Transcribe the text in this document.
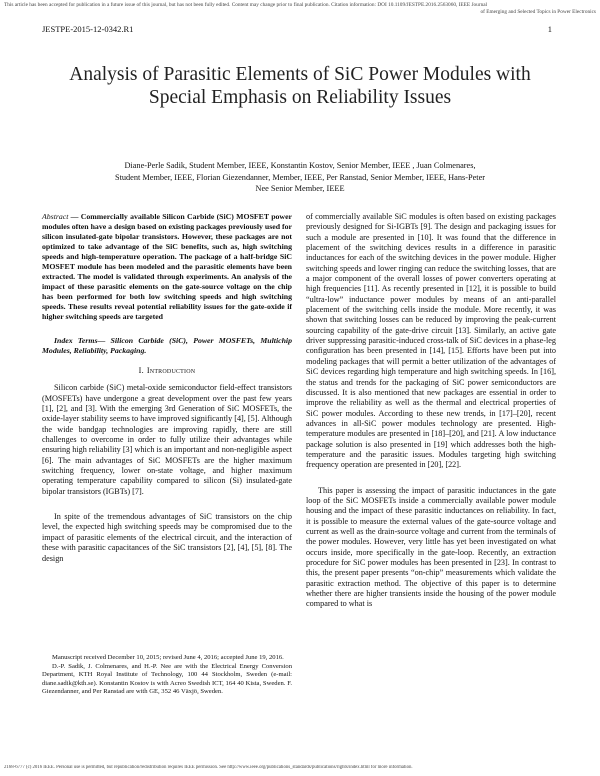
This article has been accepted for publication in a future issue of this journal, but has not been fully edited. Content may change prior to final publication. Citation information: DOI 10.1109/JESTPE.2016.2563060, IEEE Journal
of Emerging and Selected Topics in Power Electronics
JESTPE-2015-12-0342.R1	1
Analysis of Parasitic Elements of SiC Power Modules with Special Emphasis on Reliability Issues
Diane-Perle Sadik, Student Member, IEEE, Konstantin Kostov, Senior Member, IEEE , Juan Colmenares,
Student Member, IEEE, Florian Giezendanner, Member, IEEE, Per Ranstad, Senior Member, IEEE, Hans-Peter
Nee Senior Member, IEEE

Abstract — Commercially available Silicon Carbide (SiC) MOSFET power modules often have a design based on existing packages previously used for silicon insulated-gate bipolar transistors. However, these packages are not optimized to take advantage of the SiC benefits, such as, high switching speeds and high-temperature operation. The package of a half-bridge SiC MOSFET module has been modeled and the parasitic elements have been extracted. The model is validated through experiments. An analysis of the impact of these parasitic elements on the gate-source voltage on the chip has been performed for both low switching speeds and high switching speeds. These results reveal potential reliability issues for the gate-oxide if higher switching speeds are targeted

Index Terms— Silicon Carbide (SiC), Power MOSFETs, Multichip Modules, Reliability, Packaging.

I. Introduction

Silicon carbide (SiC) metal-oxide semiconductor field-effect transistors (MOSFETs) have undergone a great development over the past few years [1], [2], and [3]. With the emerging 3rd Generation of SiC MOSFETs, the oxide-layer stability seems to have improved significantly [4], [5]. Although the wide bandgap technologies are improving rapidly, there are still challenges to overcome in order to fully utilize their advantages while ensuring high reliability [3] which is an important and non-negligible aspect [6]. The main advantages of SiC MOSFETs are the higher maximum switching frequency, lower on-state voltage, and higher maximum operating temperature capability compared to silicon (Si) insulated-gate bipolar transistors (IGBTs) [7].

In spite of the tremendous advantages of SiC transistors on the chip level, the expected high switching speeds may be compromised due to the impact of parasitic elements of the electrical circuit, and the interaction of these with parasitic capacitances of the SiC transistors [2], [4], [5], [8]. The design

Manuscript received December 10, 2015; revised June 4, 2016; accepted June 19, 2016.

D.-P. Sadik, J. Colmenares, and H.-P. Nee are with the Electrical Energy Conversion Department, KTH Royal Institute of Technology, 100 44 Stockholm, Sweden (e-mail: diane.sadik@kth.se). Konstantin Kostov is with Acreo Swedish ICT, 164 40 Kista, Sweden. F. Giezendanner, and Per Ranstad are with GE, 352 46 Växjö, Sweden.

of commercially available SiC modules is often based on existing packages previously designed for Si-IGBTs [9]. The design and packaging issues for such a module are presented in [10]. It was found that the difference in placement of the switching devices results in a difference in parasitic inductances for each of the switching devices in the power module. Higher switching speeds and lower ringing can reduce the switching losses, that are a major component of the overall losses of power converters operating at high frequencies [11]. As recently presented in [12], it is possible to build “ultra-low” inductance power modules by means of an anti-parallel placement of the switching cells inside the module. More recently, it was shown that switching losses can be reduced by improving the peak-current sourcing capability of the gate-drive circuit [13]. Similarly, an active gate driver suppressing parasitic-induced cross-talk of SiC devices in a phase-leg configuration has been presented in [14], [15]. Efforts have been put into modeling packages that will permit a better utilization of the advantages of SiC devices regarding high temperature and high switching speeds. In [16], the status and trends for the packaging of SiC power semiconductors are discussed. It is also mentioned that new packages are essential in order to improve the reliability as well as the thermal and electrical properties of SiC power modules. According to these new trends, in [17]–[20], recent advances in all-SiC power modules technology are presented. High-temperature modules are presented in [18]–[20], and [21]. A low inductance package solution is also presented in [19] which addresses both the high-temperature and the parasitic issues. Modules targeting high switching frequency operation are presented in [20], [22].

This paper is assessing the impact of parasitic inductances in the gate loop of the SiC MOSFETs inside a commercially available power module housing and the impact of these parasitic inductances on reliability. In fact, it is possible to measure the external values of the gate-source voltage and current as well as the drain-source voltage and current from the terminals of the power modules. However, very little has yet been investigated on what occurs inside, more specifically in the gate-loop. Recently, an extraction procedure for SiC power modules has been presented in [23]. In contrast to this, the present paper presents “on-chip” measurements which validate the parasitic extraction method. The objective of this paper is to determine whether there are higher transients inside the housing of the power module compared to what is

2168-6777 (c) 2016 IEEE. Personal use is permitted, but republication/redistribution requires IEEE permission. See http://www.ieee.org/publications_standards/publications/rights/index.html for more information.
